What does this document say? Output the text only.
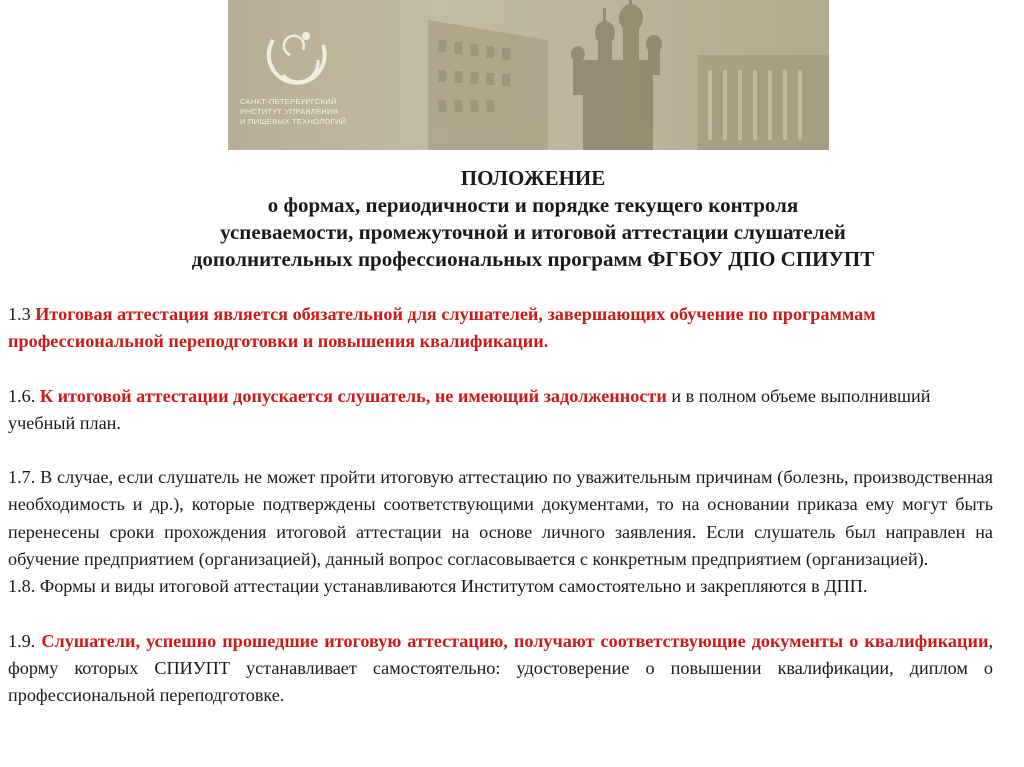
САНКТ-ПЕТЕРБУРГСКИЙ
ИНСТИТУТ УПРАВЛЕНИЯ
И ПИЩЕВЫХ ТЕХНОЛОГИЙ
ПОЛОЖЕНИЕ
о формах, периодичности и порядке текущего контроля
успеваемости, промежуточной и итоговой аттестации слушателей
дополнительных профессиональных программ ФГБОУ ДПО СПИУПТ

1.3 Итоговая аттестация является обязательной для слушателей, завершающих обучение по программам профессиональной переподготовки и повышения квалификации.

1.6. К итоговой аттестации допускается слушатель, не имеющий задолженности и в полном объеме выполнивший учебный план.

1.7. В случае, если слушатель не может пройти итоговую аттестацию по уважительным причинам (болезнь, производственная необходимость и др.), которые подтверждены соответствующими документами, то на основании приказа ему могут быть перенесены сроки прохождения итоговой аттестации на основе личного заявления. Если слушатель был направлен на обучение предприятием (организацией), данный вопрос согласовывается с конкретным предприятием (организацией).

1.8. Формы и виды итоговой аттестации устанавливаются Институтом самостоятельно и закрепляются в ДПП.

1.9. Слушатели, успешно прошедшие итоговую аттестацию, получают соответствующие документы о квалификации, форму которых СПИУПТ устанавливает самостоятельно: удостоверение о повышении квалификации, диплом о профессиональной переподготовке.
